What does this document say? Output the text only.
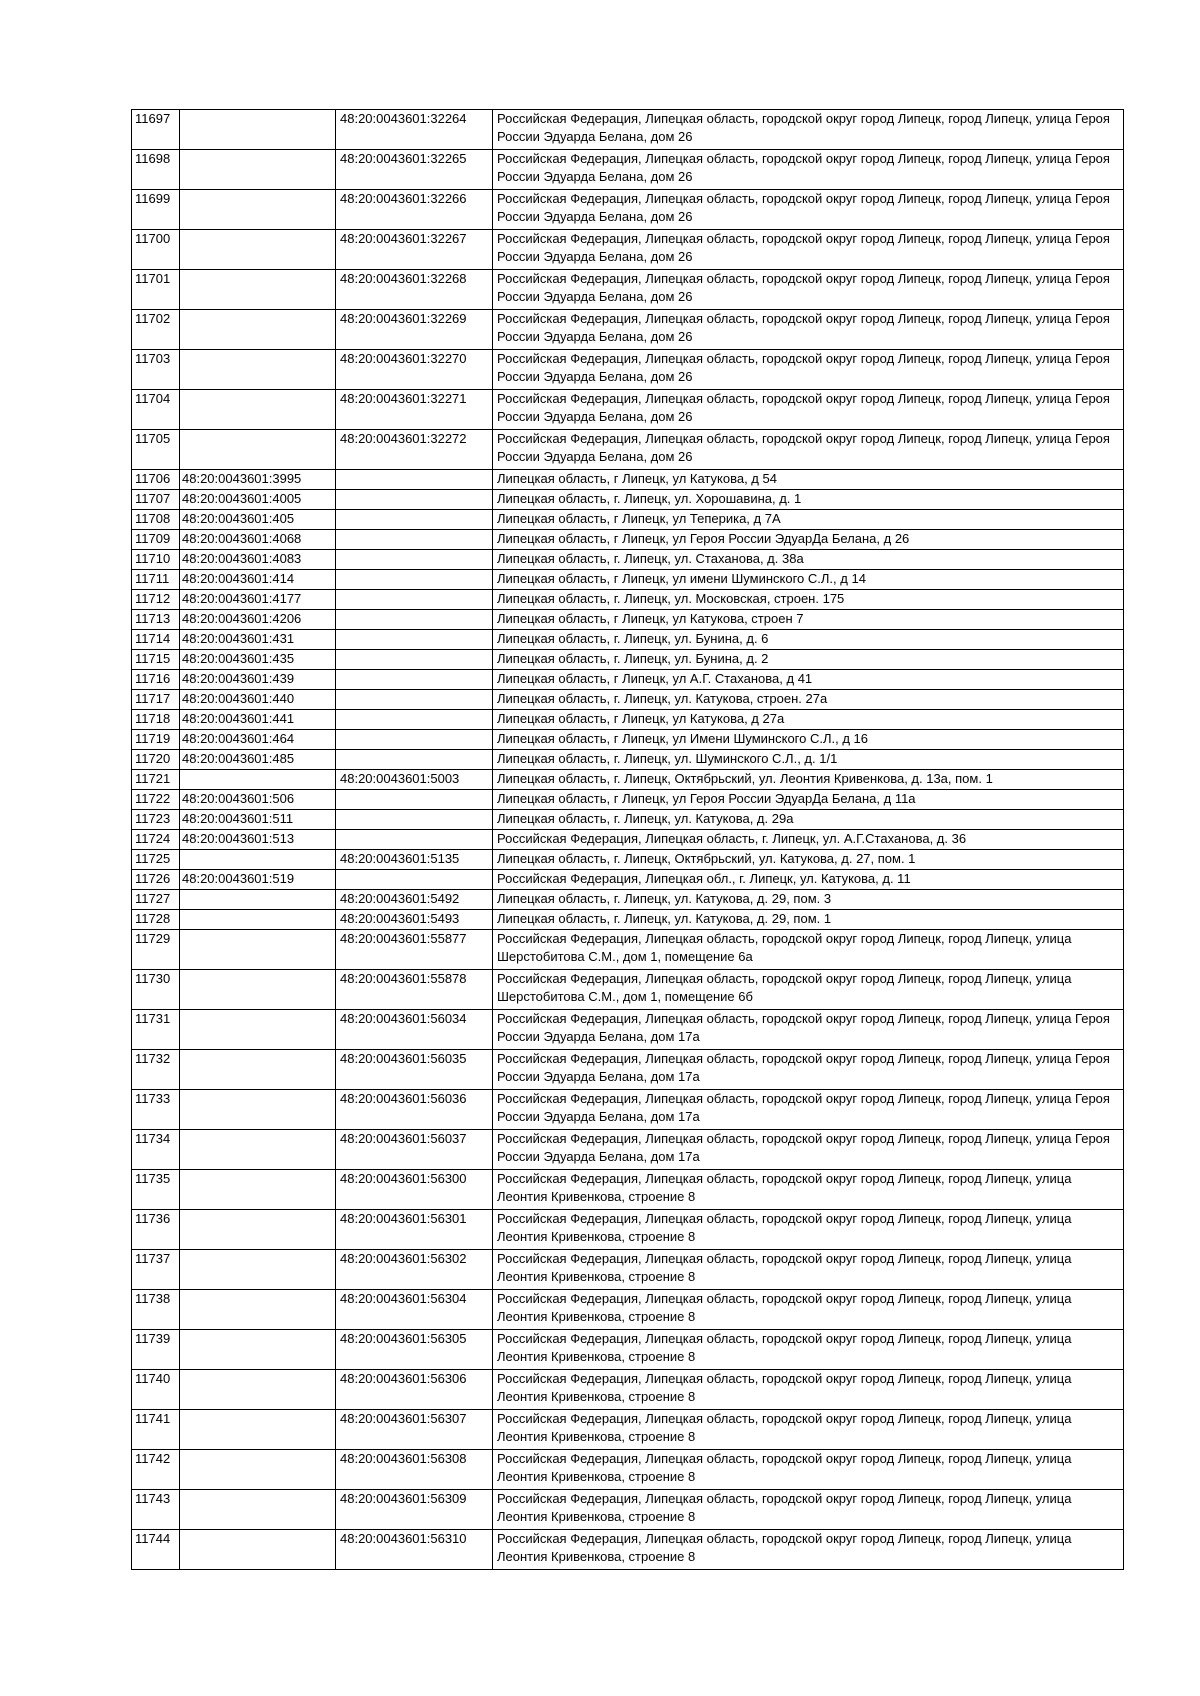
11697		48:20:0043601:32264	Российская Федерация, Липецкая область, городской округ город Липецк, город Липецк, улица Героя России Эдуарда Белана, дом 26
11698		48:20:0043601:32265	Российская Федерация, Липецкая область, городской округ город Липецк, город Липецк, улица Героя России Эдуарда Белана, дом 26
11699		48:20:0043601:32266	Российская Федерация, Липецкая область, городской округ город Липецк, город Липецк, улица Героя России Эдуарда Белана, дом 26
11700		48:20:0043601:32267	Российская Федерация, Липецкая область, городской округ город Липецк, город Липецк, улица Героя России Эдуарда Белана, дом 26
11701		48:20:0043601:32268	Российская Федерация, Липецкая область, городской округ город Липецк, город Липецк, улица Героя России Эдуарда Белана, дом 26
11702		48:20:0043601:32269	Российская Федерация, Липецкая область, городской округ город Липецк, город Липецк, улица Героя России Эдуарда Белана, дом 26
11703		48:20:0043601:32270	Российская Федерация, Липецкая область, городской округ город Липецк, город Липецк, улица Героя России Эдуарда Белана, дом 26
11704		48:20:0043601:32271	Российская Федерация, Липецкая область, городской округ город Липецк, город Липецк, улица Героя России Эдуарда Белана, дом 26
11705		48:20:0043601:32272	Российская Федерация, Липецкая область, городской округ город Липецк, город Липецк, улица Героя России Эдуарда Белана, дом 26
11706	48:20:0043601:3995		Липецкая область, г Липецк, ул Катукова, д 54
11707	48:20:0043601:4005		Липецкая область, г. Липецк, ул. Хорошавина, д. 1
11708	48:20:0043601:405		Липецкая область, г Липецк, ул Теперика, д 7А
11709	48:20:0043601:4068		Липецкая область, г Липецк, ул Героя России ЭдуарДа Белана, д 26
11710	48:20:0043601:4083		Липецкая область, г. Липецк, ул. Стаханова, д. 38а
11711	48:20:0043601:414		Липецкая область, г Липецк, ул имени Шуминского С.Л., д 14
11712	48:20:0043601:4177		Липецкая область, г. Липецк, ул. Московская, строен. 175
11713	48:20:0043601:4206		Липецкая область, г Липецк, ул Катукова, строен 7
11714	48:20:0043601:431		Липецкая область, г. Липецк, ул. Бунина, д. 6
11715	48:20:0043601:435		Липецкая область, г. Липецк, ул. Бунина, д. 2
11716	48:20:0043601:439		Липецкая область, г Липецк, ул А.Г. Стаханова, д 41
11717	48:20:0043601:440		Липецкая область, г. Липецк, ул. Катукова, строен. 27а
11718	48:20:0043601:441		Липецкая область, г Липецк, ул Катукова, д 27а
11719	48:20:0043601:464		Липецкая область, г Липецк, ул Имени Шуминского С.Л., д 16
11720	48:20:0043601:485		Липецкая область, г. Липецк, ул. Шуминского С.Л., д. 1/1
11721		48:20:0043601:5003	Липецкая область, г. Липецк, Октябрьский, ул. Леонтия Кривенкова, д. 13а, пом. 1
11722	48:20:0043601:506		Липецкая область, г Липецк, ул Героя России ЭдуарДа Белана, д 11а
11723	48:20:0043601:511		Липецкая область, г. Липецк, ул. Катукова, д. 29а
11724	48:20:0043601:513		Российская Федерация, Липецкая область, г. Липецк, ул. А.Г.Стаханова, д. 36
11725		48:20:0043601:5135	Липецкая область, г. Липецк, Октябрьский, ул. Катукова, д. 27, пом. 1
11726	48:20:0043601:519		Российская Федерация, Липецкая обл., г. Липецк, ул. Катукова, д. 11
11727		48:20:0043601:5492	Липецкая область, г. Липецк, ул. Катукова, д. 29, пом. 3
11728		48:20:0043601:5493	Липецкая область, г. Липецк, ул. Катукова, д. 29, пом. 1
11729		48:20:0043601:55877	Российская Федерация, Липецкая область, городской округ город Липецк, город Липецк, улица Шерстобитова С.М., дом 1, помещение 6а
11730		48:20:0043601:55878	Российская Федерация, Липецкая область, городской округ город Липецк, город Липецк, улица Шерстобитова С.М., дом 1, помещение 6б
11731		48:20:0043601:56034	Российская Федерация, Липецкая область, городской округ город Липецк, город Липецк, улица Героя России Эдуарда Белана, дом 17а
11732		48:20:0043601:56035	Российская Федерация, Липецкая область, городской округ город Липецк, город Липецк, улица Героя России Эдуарда Белана, дом 17а
11733		48:20:0043601:56036	Российская Федерация, Липецкая область, городской округ город Липецк, город Липецк, улица Героя России Эдуарда Белана, дом 17а
11734		48:20:0043601:56037	Российская Федерация, Липецкая область, городской округ город Липецк, город Липецк, улица Героя России Эдуарда Белана, дом 17а
11735		48:20:0043601:56300	Российская Федерация, Липецкая область, городской округ город Липецк, город Липецк, улица Леонтия Кривенкова, строение 8
11736		48:20:0043601:56301	Российская Федерация, Липецкая область, городской округ город Липецк, город Липецк, улица Леонтия Кривенкова, строение 8
11737		48:20:0043601:56302	Российская Федерация, Липецкая область, городской округ город Липецк, город Липецк, улица Леонтия Кривенкова, строение 8
11738		48:20:0043601:56304	Российская Федерация, Липецкая область, городской округ город Липецк, город Липецк, улица Леонтия Кривенкова, строение 8
11739		48:20:0043601:56305	Российская Федерация, Липецкая область, городской округ город Липецк, город Липецк, улица Леонтия Кривенкова, строение 8
11740		48:20:0043601:56306	Российская Федерация, Липецкая область, городской округ город Липецк, город Липецк, улица Леонтия Кривенкова, строение 8
11741		48:20:0043601:56307	Российская Федерация, Липецкая область, городской округ город Липецк, город Липецк, улица Леонтия Кривенкова, строение 8
11742		48:20:0043601:56308	Российская Федерация, Липецкая область, городской округ город Липецк, город Липецк, улица Леонтия Кривенкова, строение 8
11743		48:20:0043601:56309	Российская Федерация, Липецкая область, городской округ город Липецк, город Липецк, улица Леонтия Кривенкова, строение 8
11744		48:20:0043601:56310	Российская Федерация, Липецкая область, городской округ город Липецк, город Липецк, улица Леонтия Кривенкова, строение 8
